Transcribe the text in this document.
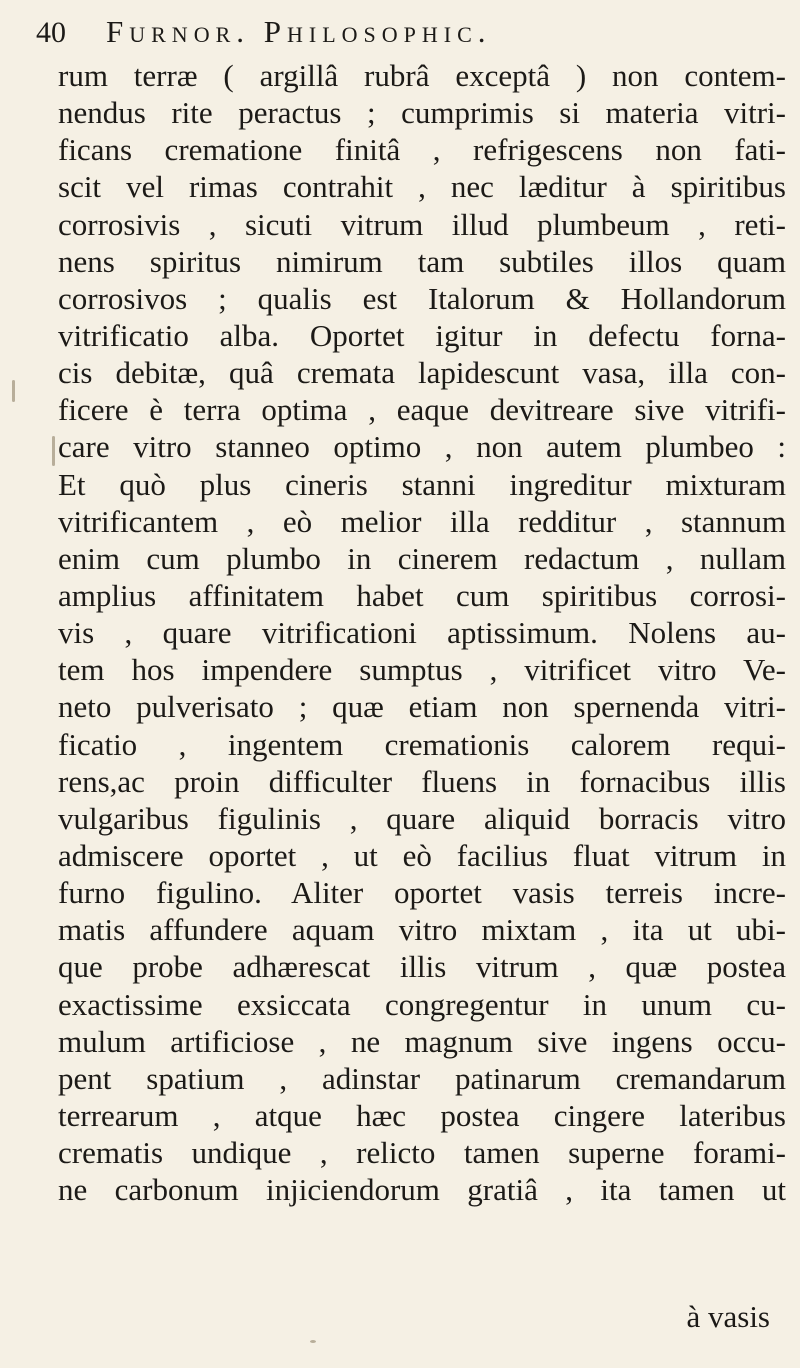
40 Furnor. Philosophic.
rum terræ ( argillâ rubrâ exceptâ ) non contem-
nendus rite peractus ; cumprimis si materia vitri-
ficans crematione finitâ , refrigescens non fati-
scit vel rimas contrahit , nec læditur à spiritibus
corrosivis , sicuti vitrum illud plumbeum , reti-
nens spiritus nimirum tam subtiles illos quam
corrosivos ; qualis est Italorum & Hollandorum
vitrificatio alba. Oportet igitur in defectu forna-
cis debitæ, quâ cremata lapidescunt vasa, illa con-
ficere è terra optima , eaque devitreare sive vitrifi-
care vitro stanneo optimo , non autem plumbeo :
Et quò plus cineris stanni ingreditur mixturam
vitrificantem , eò melior illa redditur , stannum
enim cum plumbo in cinerem redactum , nullam
amplius affinitatem habet cum spiritibus corrosi-
vis , quare vitrificationi aptissimum. Nolens au-
tem hos impendere sumptus , vitrificet vitro Ve-
neto pulverisato ; quæ etiam non spernenda vitri-
ficatio , ingentem cremationis calorem requi-
rens,ac proin difficulter fluens in fornacibus illis
vulgaribus figulinis , quare aliquid borracis vitro
admiscere oportet , ut eò facilius fluat vitrum in
furno figulino. Aliter oportet vasis terreis incre-
matis affundere aquam vitro mixtam , ita ut ubi-
que probe adhærescat illis vitrum , quæ postea
exactissime exsiccata congregentur in unum cu-
mulum artificiose , ne magnum sive ingens occu-
pent spatium , adinstar patinarum cremandarum
terrearum , atque hæc postea cingere lateribus
crematis undique , relicto tamen superne forami-
ne carbonum injiciendorum gratiâ , ita tamen ut
à vasis
